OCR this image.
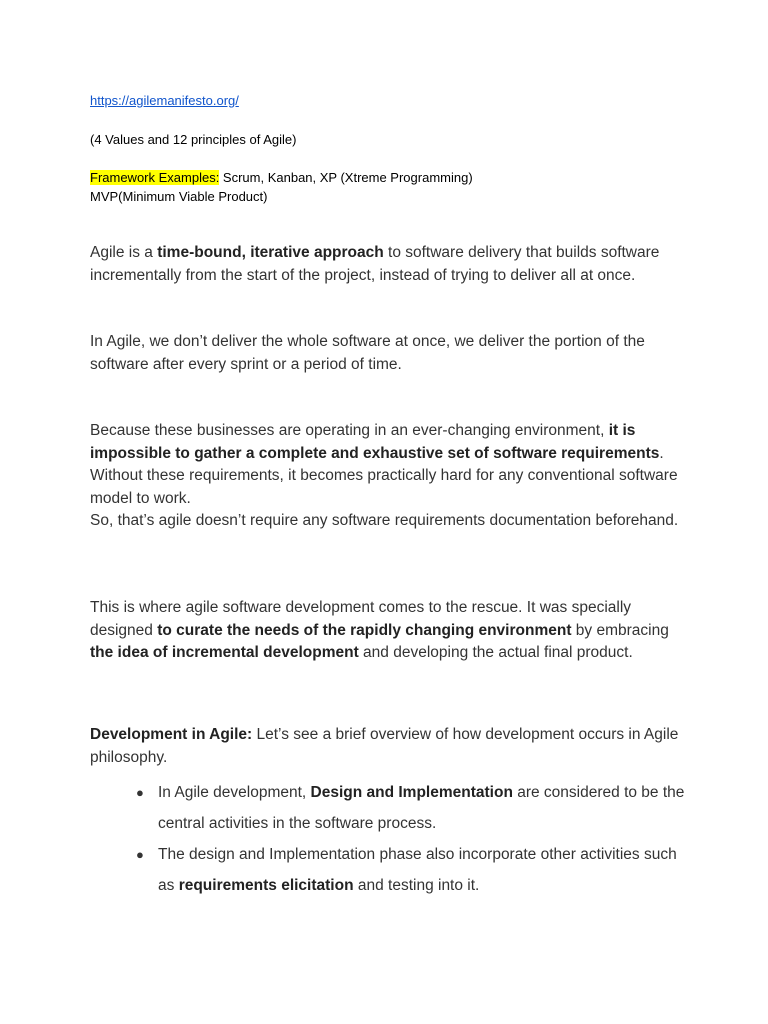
https://agilemanifesto.org/
(4 Values and 12 principles of Agile)
Framework Examples: Scrum, Kanban, XP (Xtreme Programming)
MVP(Minimum Viable Product)

Agile is a time-bound, iterative approach to software delivery that builds software incrementally from the start of the project, instead of trying to deliver all at once.

In Agile, we don’t deliver the whole software at once, we deliver the portion of the software after every sprint or a period of time.

Because these businesses are operating in an ever-changing environment, it is impossible to gather a complete and exhaustive set of software requirements. Without these requirements, it becomes practically hard for any conventional software model to work.
So, that’s agile doesn’t require any software requirements documentation beforehand.

This is where agile software development comes to the rescue. It was specially designed to curate the needs of the rapidly changing environment by embracing the idea of incremental development and developing the actual final product.

Development in Agile: Let’s see a brief overview of how development occurs in Agile philosophy.

● In Agile development, Design and Implementation are considered to be the central activities in the software process.
● The design and Implementation phase also incorporate other activities such as requirements elicitation and testing into it.
